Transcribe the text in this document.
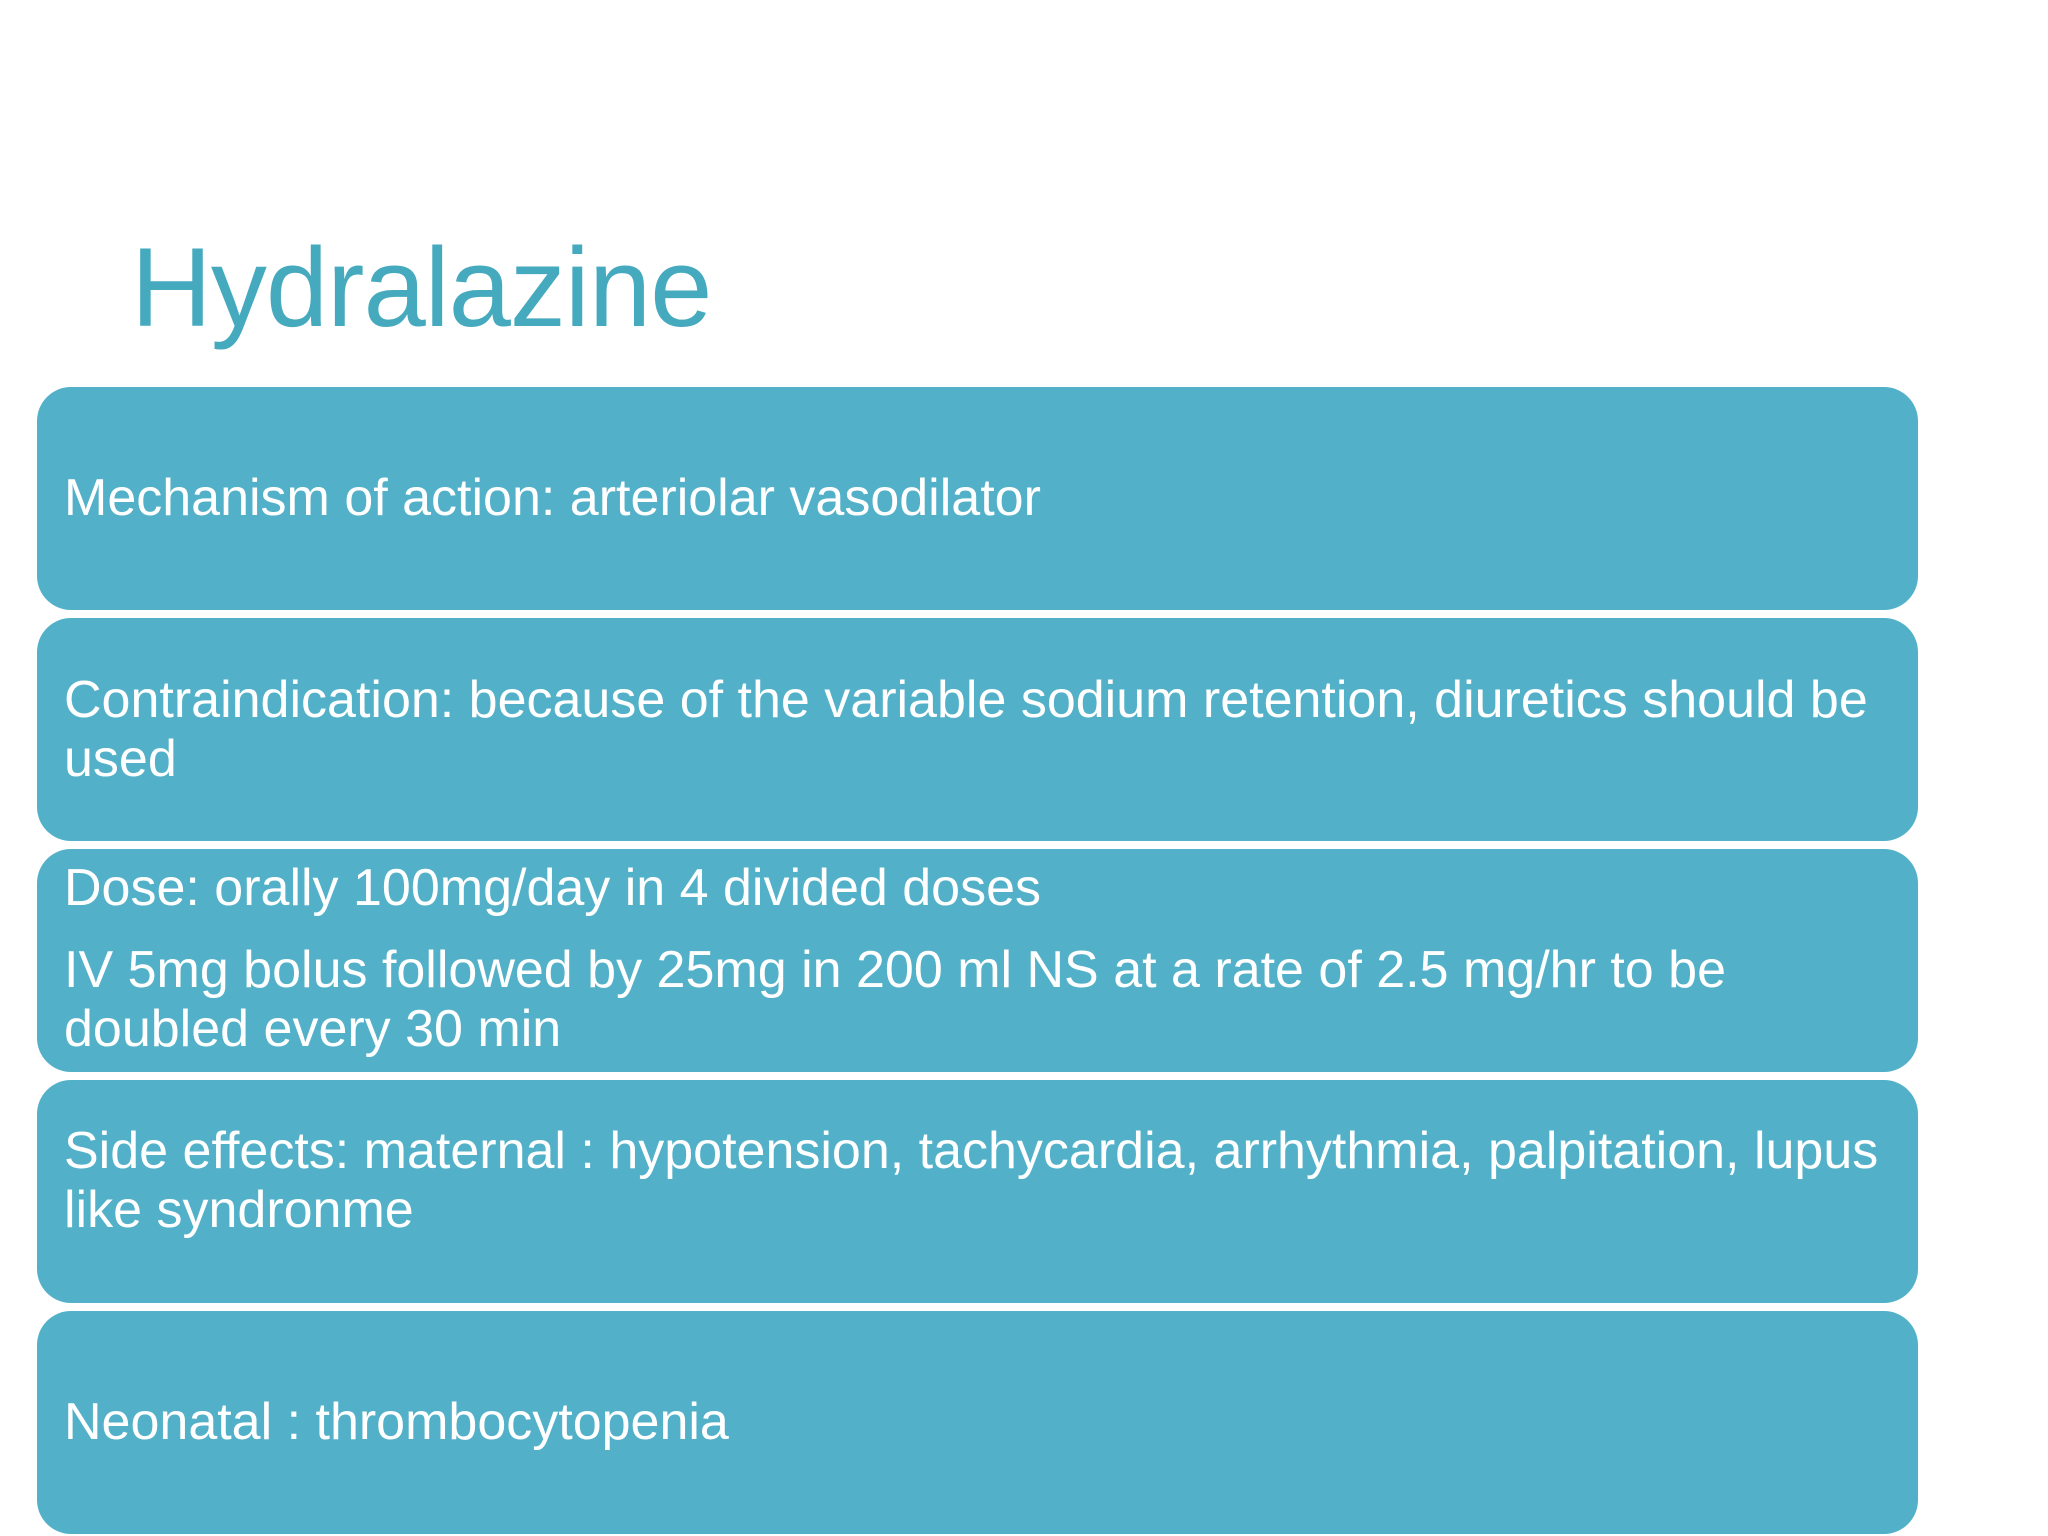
Hydralazine
Mechanism of action: arteriolar vasodilator
Contraindication: because of the variable sodium retention, diuretics should be used
Dose: orally 100mg/day in 4 divided doses
IV 5mg bolus followed by 25mg in 200 ml NS at a rate of 2.5 mg/hr to be doubled every 30 min
Side effects: maternal : hypotension, tachycardia, arrhythmia, palpitation, lupus like syndronme
Neonatal : thrombocytopenia
